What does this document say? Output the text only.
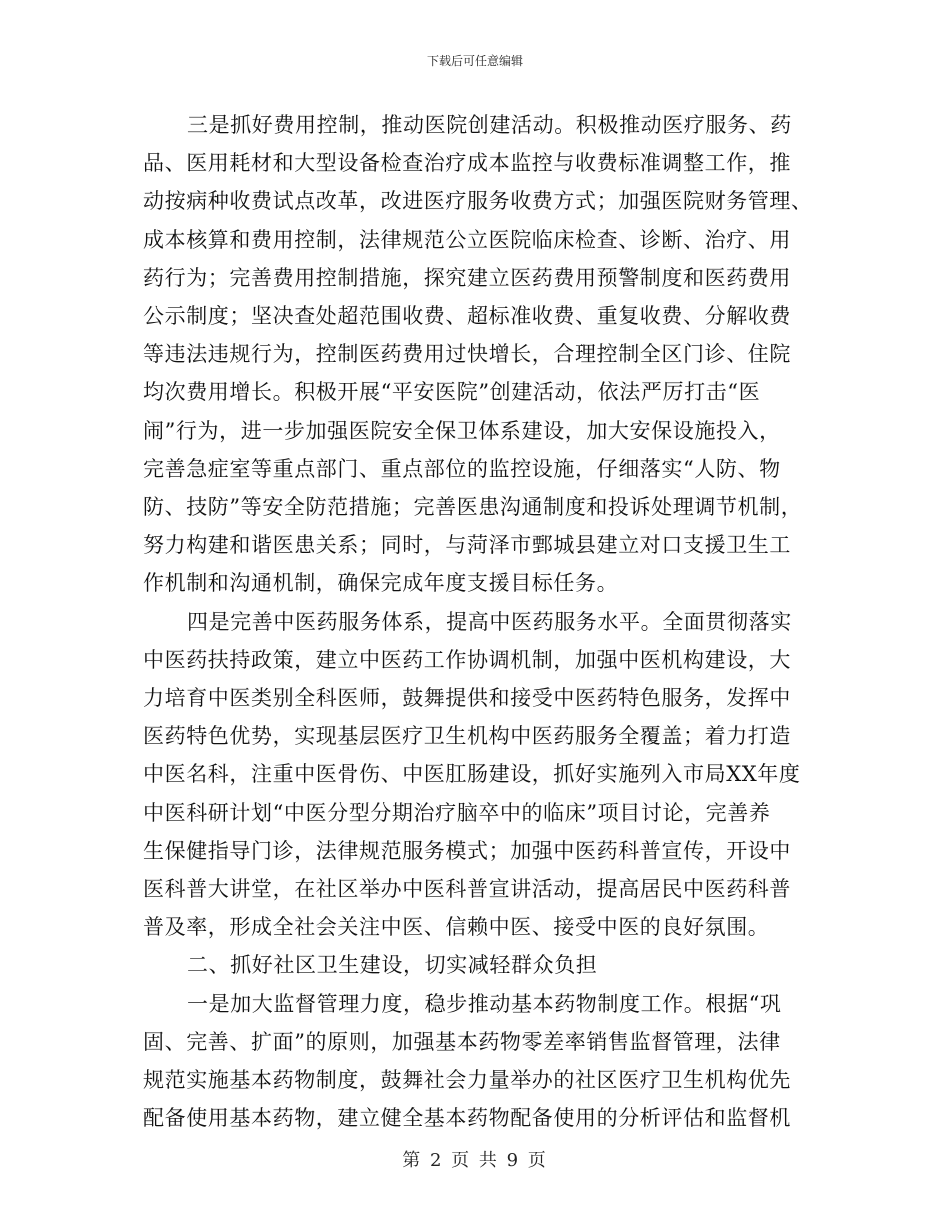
下载后可任意编辑

三是抓好费用控制，推动医院创建活动。积极推动医疗服务、药
品、医用耗材和大型设备检查治疗成本监控与收费标准调整工作，推
动按病种收费试点改革，改进医疗服务收费方式；加强医院财务管理、
成本核算和费用控制，法律规范公立医院临床检查、诊断、治疗、用
药行为；完善费用控制措施，探究建立医药费用预警制度和医药费用
公示制度；坚决查处超范围收费、超标准收费、重复收费、分解收费
等违法违规行为，控制医药费用过快增长，合理控制全区门诊、住院
均次费用增长。积极开展“平安医院”创建活动，依法严厉打击“医
闹”行为，进一步加强医院安全保卫体系建设，加大安保设施投入，
完善急症室等重点部门、重点部位的监控设施，仔细落实“人防、物
防、技防”等安全防范措施；完善医患沟通制度和投诉处理调节机制，
努力构建和谐医患关系；同时，与菏泽市鄄城县建立对口支援卫生工
作机制和沟通机制，确保完成年度支援目标任务。

四是完善中医药服务体系，提高中医药服务水平。全面贯彻落实
中医药扶持政策，建立中医药工作协调机制，加强中医机构建设，大
力培育中医类别全科医师，鼓舞提供和接受中医药特色服务，发挥中
医药特色优势，实现基层医疗卫生机构中医药服务全覆盖；着力打造
中医名科，注重中医骨伤、中医肛肠建设，抓好实施列入市局XX年度
中医科研计划“中医分型分期治疗脑卒中的临床”项目讨论，完善养
生保健指导门诊，法律规范服务模式；加强中医药科普宣传，开设中
医科普大讲堂，在社区举办中医科普宣讲活动，提高居民中医药科普
普及率，形成全社会关注中医、信赖中医、接受中医的良好氛围。

二、抓好社区卫生建设，切实减轻群众负担

一是加大监督管理力度，稳步推动基本药物制度工作。根据“巩
固、完善、扩面”的原则，加强基本药物零差率销售监督管理，法律
规范实施基本药物制度，鼓舞社会力量举办的社区医疗卫生机构优先
配备使用基本药物，建立健全基本药物配备使用的分析评估和监督机

第 2 页 共 9 页
